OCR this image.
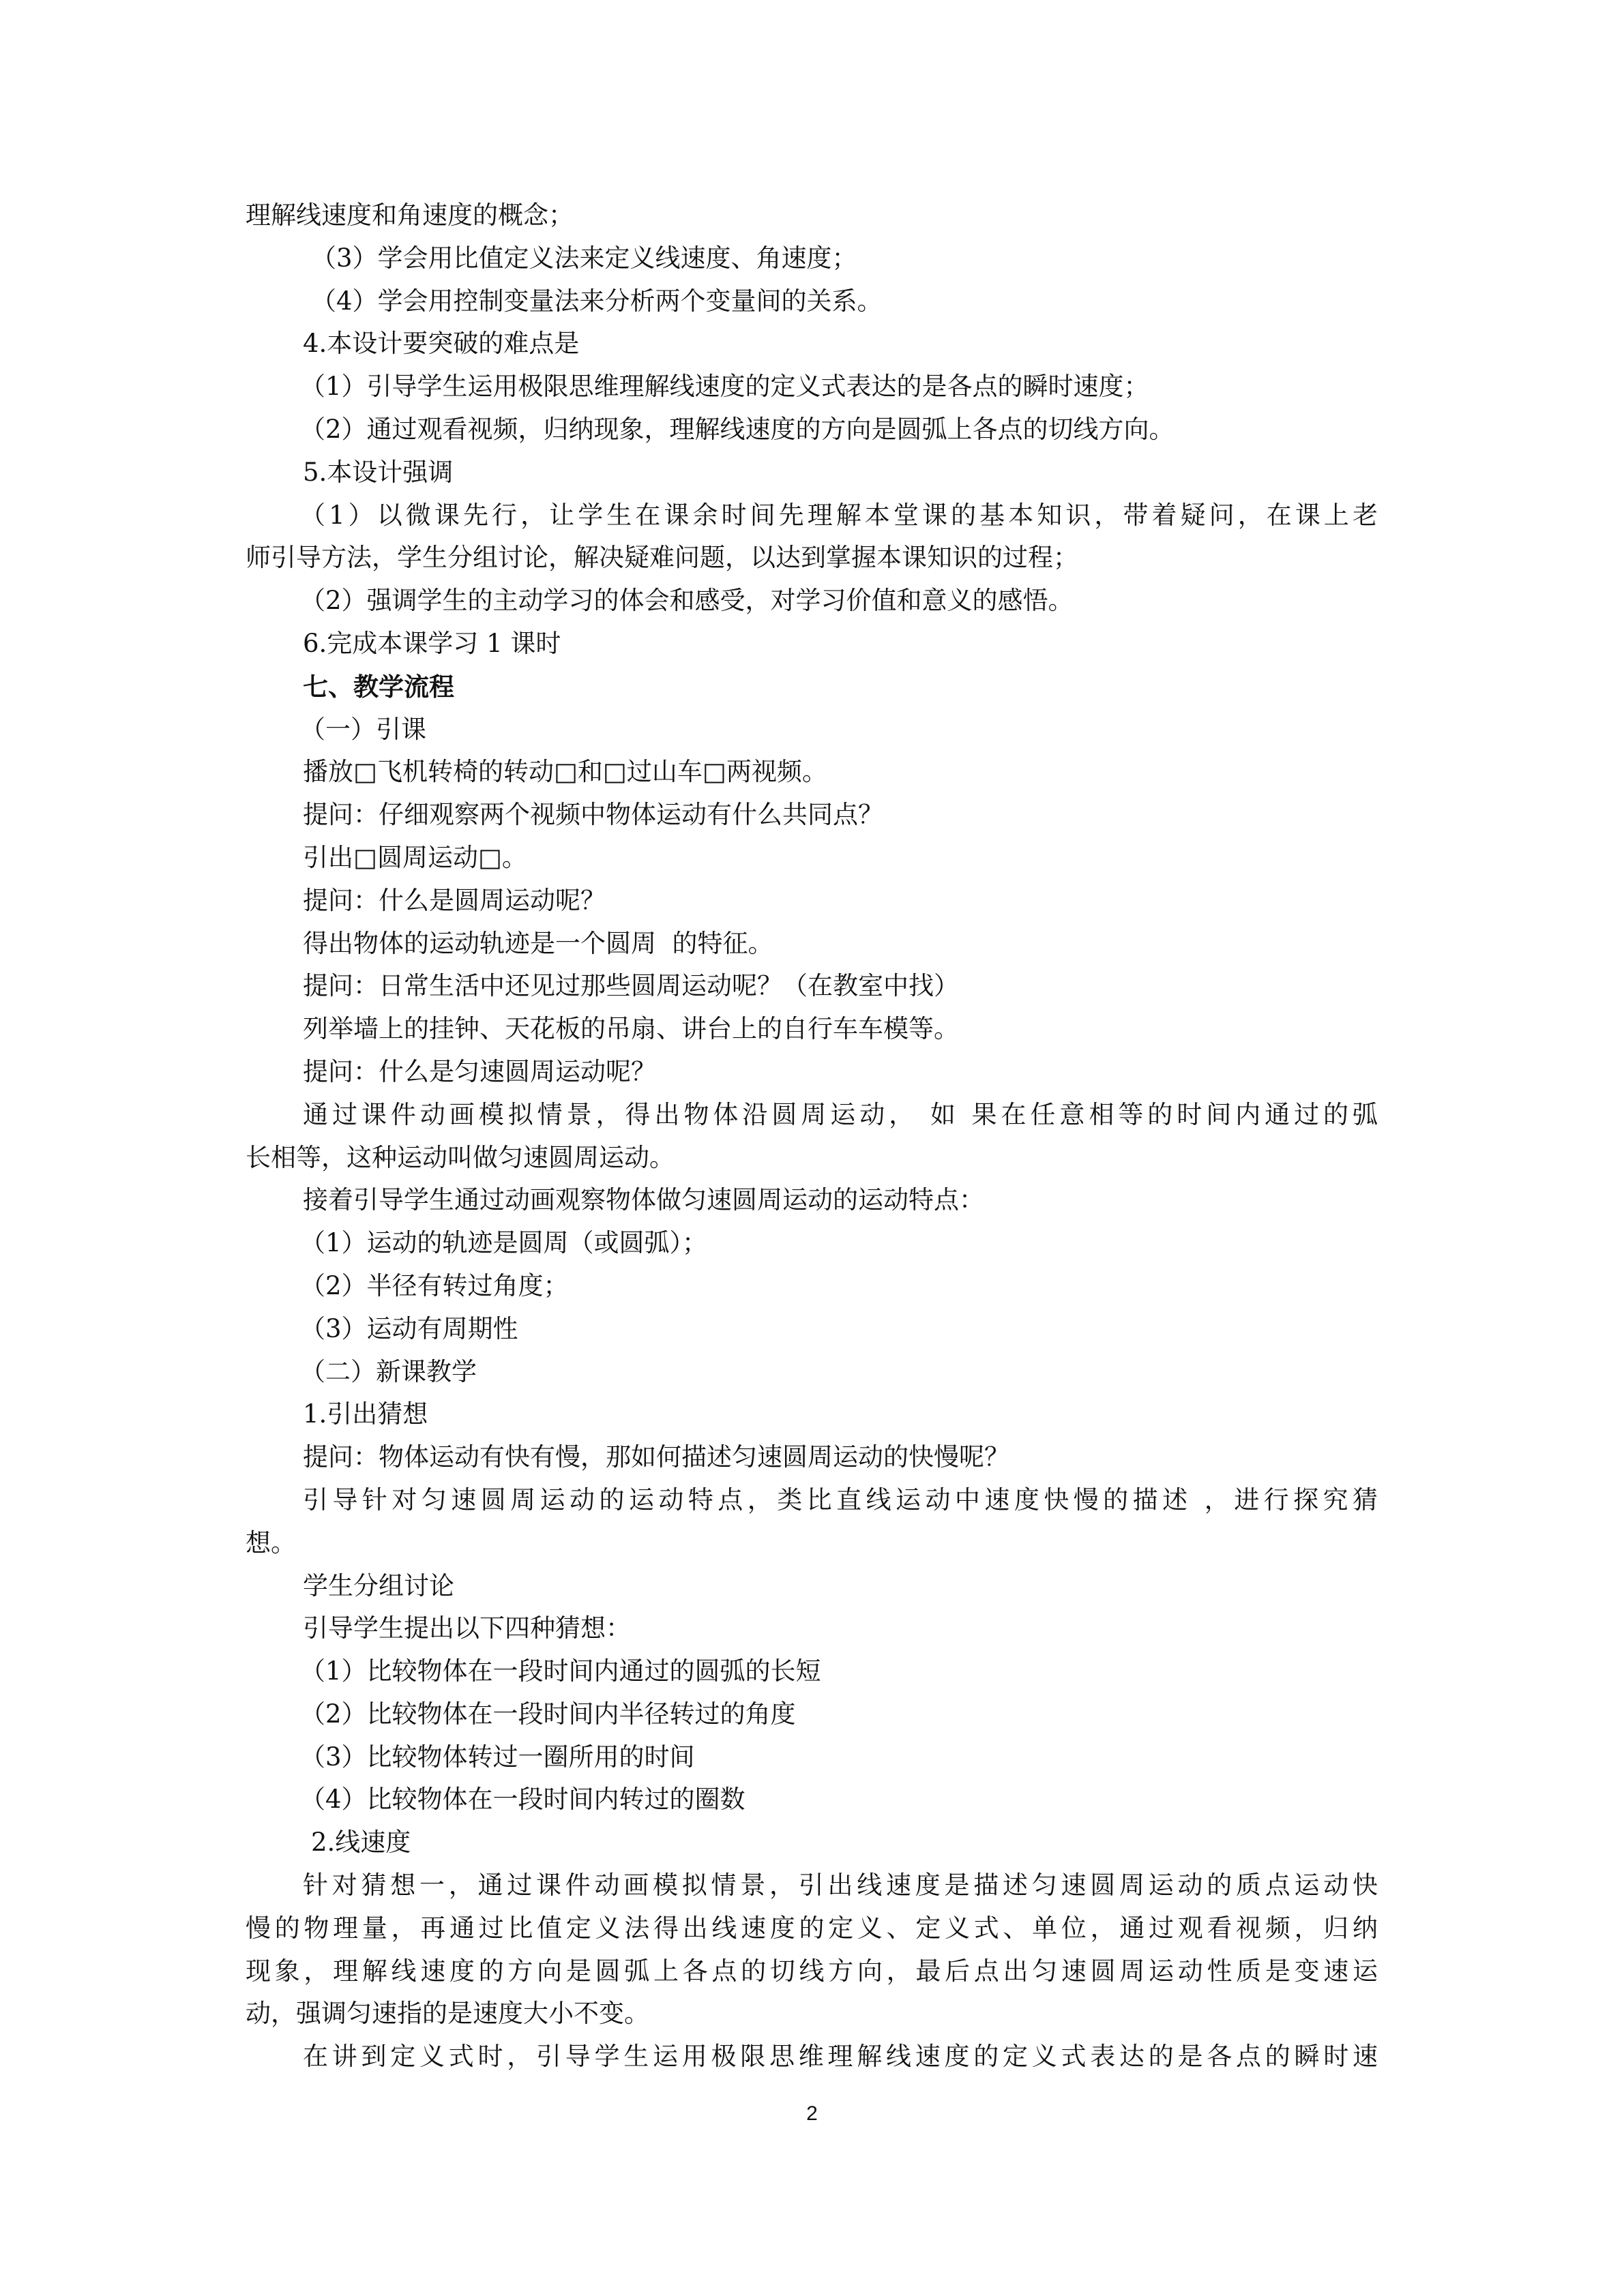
理解线速度和角速度的概念；
（3）学会用比值定义法来定义线速度、角速度；
（4）学会用控制变量法来分析两个变量间的关系。
4.本设计要突破的难点是
（1）引导学生运用极限思维理解线速度的定义式表达的是各点的瞬时速度；
（2）通过观看视频，归纳现象，理解线速度的方向是圆弧上各点的切线方向。
5.本设计强调
（1）以微课先行，让学生在课余时间先理解本堂课的基本知识，带着疑问，在课上老
师引导方法，学生分组讨论，解决疑难问题，以达到掌握本课知识的过程；
（2）强调学生的主动学习的体会和感受，对学习价值和意义的感悟。
6.完成本课学习 1 课时
七、教学流程
（一）引课
播放□飞机转椅的转动□和□过山车□两视频。
提问：仔细观察两个视频中物体运动有什么共同点？
引出□圆周运动□。
提问：什么是圆周运动呢？
得出物体的运动轨迹是一个圆周  的特征。
提问：日常生活中还见过那些圆周运动呢？（在教室中找）
列举墙上的挂钟、天花板的吊扇、讲台上的自行车车模等。
提问：什么是匀速圆周运动呢？
通过课件动画模拟情景，得出物体沿圆周运动， 如 果在任意相等的时间内通过的弧
长相等，这种运动叫做匀速圆周运动。
接着引导学生通过动画观察物体做匀速圆周运动的运动特点：
（1）运动的轨迹是圆周（或圆弧）；
（2）半径有转过角度；
（3）运动有周期性
（二）新课教学
1.引出猜想
提问：物体运动有快有慢，那如何描述匀速圆周运动的快慢呢？
引导针对匀速圆周运动的运动特点，类比直线运动中速度快慢的描述 ，进行探究猜
想。
学生分组讨论
引导学生提出以下四种猜想：
（1）比较物体在一段时间内通过的圆弧的长短
（2）比较物体在一段时间内半径转过的角度
（3）比较物体转过一圈所用的时间
（4）比较物体在一段时间内转过的圈数
2.线速度
针对猜想一，通过课件动画模拟情景，引出线速度是描述匀速圆周运动的质点运动快
慢的物理量，再通过比值定义法得出线速度的定义、定义式、单位，通过观看视频，归纳
现象，理解线速度的方向是圆弧上各点的切线方向，最后点出匀速圆周运动性质是变速运
动，强调匀速指的是速度大小不变。
在讲到定义式时，引导学生运用极限思维理解线速度的定义式表达的是各点的瞬时速
2
